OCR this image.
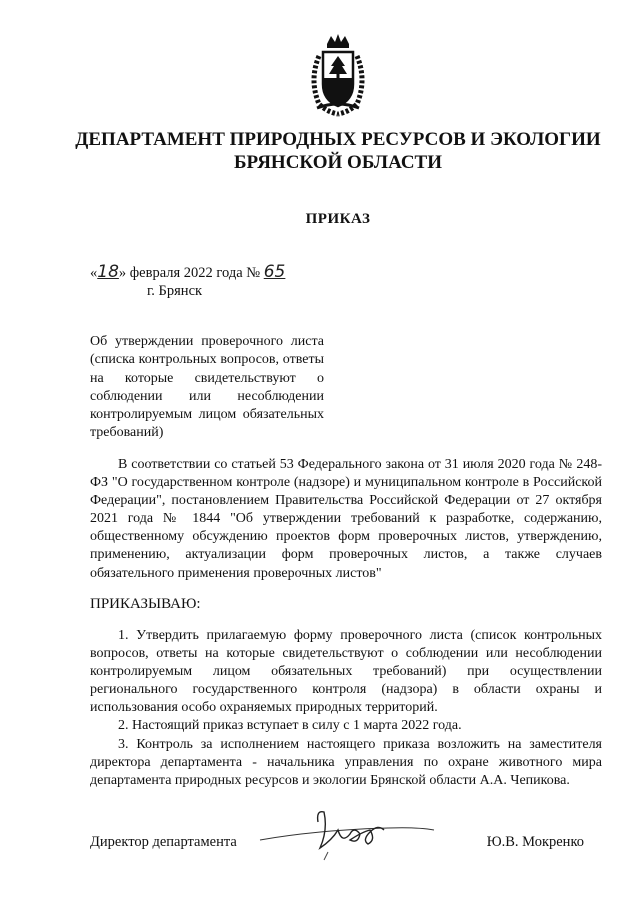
ДЕПАРТАМЕНТ ПРИРОДНЫХ РЕСУРСОВ И ЭКОЛОГИИ
БРЯНСКОЙ ОБЛАСТИ
ПРИКАЗ
«18» февраля 2022 года № 65
г. Брянск
Об утверждении проверочного листа (списка контрольных вопросов, ответы на которые свидетельствуют о соблюдении или несоблюдении контролируемым лицом обязательных требований)
В соответствии со статьей 53 Федерального закона от 31 июля 2020 года № 248-ФЗ "О государственном контроле (надзоре) и муниципальном контроле в Российской Федерации", постановлением Правительства Российской Федерации от 27 октября 2021 года № 1844 "Об утверждении требований к разработке, содержанию, общественному обсуждению проектов форм проверочных листов, утверждению, применению, актуализации форм проверочных листов, а также случаев обязательного применения проверочных листов"
ПРИКАЗЫВАЮ:

1. Утвердить прилагаемую форму проверочного листа (список контрольных вопросов, ответы на которые свидетельствуют о соблюдении или несоблюдении контролируемым лицом обязательных требований) при осуществлении регионального государственного контроля (надзора) в области охраны и использования особо охраняемых природных территорий.

2. Настоящий приказ вступает в силу с 1 марта 2022 года.

3. Контроль за исполнением настоящего приказа возложить на заместителя директора департамента - начальника управления по охране животного мира департамента природных ресурсов и экологии Брянской области А.А. Чепикова.

Директор департамента	Ю.В. Мокренко
